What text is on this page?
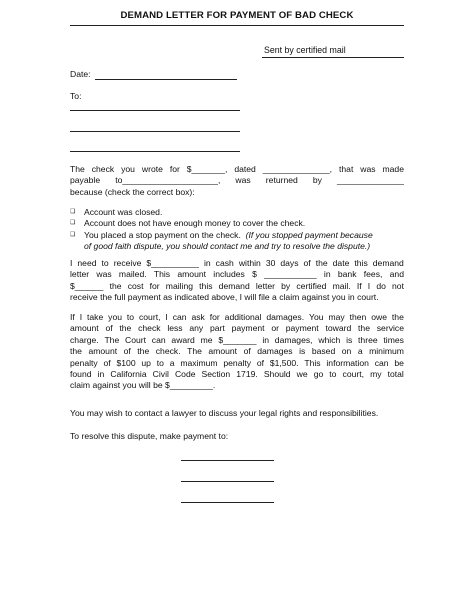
DEMAND LETTER FOR PAYMENT OF BAD CHECK
Sent by certified mail
Date:
To:
The check you wrote for $_______, dated ______________, that was made
payable to____________________, was returned by ______________
because (check the correct box):
❏	Account was closed.
❏	Account does not have enough money to cover the check.
❏	You placed a stop payment on the check. (If you stopped payment because
of good faith dispute, you should contact me and try to resolve the dispute.)
I need to receive $__________ in cash within 30 days of the date this demand
letter was mailed. This amount includes $ ___________ in bank fees, and
$______ the cost for mailing this demand letter by certified mail. If I do not
receive the full payment as indicated above, I will file a claim against you in court.
If I take you to court, I can ask for additional damages. You may then owe the
amount of the check less any part payment or payment toward the service
charge. The Court can award me $_______ in damages, which is three times
the amount of the check. The amount of damages is based on a minimum
penalty of $100 up to a maximum penalty of $1,500. This information can be
found in California Civil Code Section 1719. Should we go to court, my total
claim against you will be $_________.
You may wish to contact a lawyer to discuss your legal rights and responsibilities.
To resolve this dispute, make payment to:
